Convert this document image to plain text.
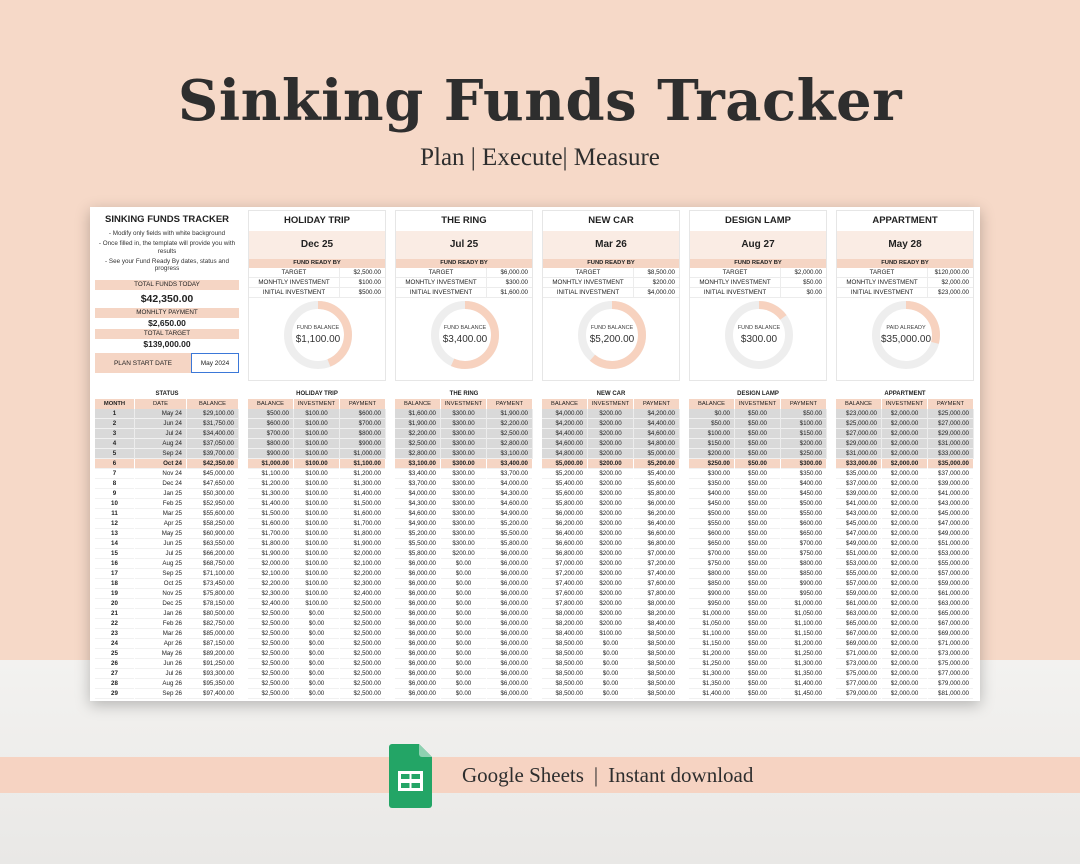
Sinking Funds Tracker
Plan | Execute| Measure
SINKING FUNDS TRACKER
- Modify only fields with white background
- Once filled in, the template will provide you with results
- See your Fund Ready By dates, status and progress
TOTAL FUNDS TODAY
$42,350.00
MONHLTY PAYMENT
$2,650.00
TOTAL TARGET
$139,000.00
PLAN START DATE	May 2024
HOLIDAY TRIP
Dec 25
FUND READY BY
TARGET	$2,500.00
MONHTLY INVESTMENT	$100.00
INITIAL INVESTMENT	$500.00
FUND BALANCE
$1,100.00
THE RING
Jul 25
FUND READY BY
TARGET	$6,000.00
MONHTLY INVESTMENT	$300.00
INITIAL INVESTMENT	$1,600.00
FUND BALANCE
$3,400.00
NEW CAR
Mar 26
FUND READY BY
TARGET	$8,500.00
MONHTLY INVESTMENT	$200.00
INITIAL INVESTMENT	$4,000.00
FUND BALANCE
$5,200.00
DESIGN LAMP
Aug 27
FUND READY BY
TARGET	$2,000.00
MONHTLY INVESTMENT	$50.00
INITIAL INVESTMENT	$0.00
FUND BALANCE
$300.00
APPARTMENT
May 28
FUND READY BY
TARGET	$120,000.00
MONHTLY INVESTMENT	$2,000.00
INITIAL INVESTMENT	$23,000.00
PAID ALREADY
$35,000.00
STATUS
MONTH	DATE	BALANCE
1	May 24	$29,100.00
2	Jun 24	$31,750.00
3	Jul 24	$34,400.00
4	Aug 24	$37,050.00
5	Sep 24	$39,700.00
6	Oct 24	$42,350.00
7	Nov 24	$45,000.00
8	Dec 24	$47,650.00
9	Jan 25	$50,300.00
10	Feb 25	$52,950.00
11	Mar 25	$55,600.00
12	Apr 25	$58,250.00
13	May 25	$60,900.00
14	Jun 25	$63,550.00
15	Jul 25	$66,200.00
16	Aug 25	$68,750.00
17	Sep 25	$71,100.00
18	Oct 25	$73,450.00
19	Nov 25	$75,800.00
20	Dec 25	$78,150.00
21	Jan 26	$80,500.00
22	Feb 26	$82,750.00
23	Mar 26	$85,000.00
24	Apr 26	$87,150.00
25	May 26	$89,200.00
26	Jun 26	$91,250.00
27	Jul 26	$93,300.00
28	Aug 26	$95,350.00
29	Sep 26	$97,400.00
HOLIDAY TRIP
BALANCE	INVESTMENT	PAYMENT
$500.00	$100.00	$600.00
$600.00	$100.00	$700.00
$700.00	$100.00	$800.00
$800.00	$100.00	$900.00
$900.00	$100.00	$1,000.00
$1,000.00	$100.00	$1,100.00
$1,100.00	$100.00	$1,200.00
$1,200.00	$100.00	$1,300.00
$1,300.00	$100.00	$1,400.00
$1,400.00	$100.00	$1,500.00
$1,500.00	$100.00	$1,600.00
$1,600.00	$100.00	$1,700.00
$1,700.00	$100.00	$1,800.00
$1,800.00	$100.00	$1,900.00
$1,900.00	$100.00	$2,000.00
$2,000.00	$100.00	$2,100.00
$2,100.00	$100.00	$2,200.00
$2,200.00	$100.00	$2,300.00
$2,300.00	$100.00	$2,400.00
$2,400.00	$100.00	$2,500.00
$2,500.00	$0.00	$2,500.00
$2,500.00	$0.00	$2,500.00
$2,500.00	$0.00	$2,500.00
$2,500.00	$0.00	$2,500.00
$2,500.00	$0.00	$2,500.00
$2,500.00	$0.00	$2,500.00
$2,500.00	$0.00	$2,500.00
$2,500.00	$0.00	$2,500.00
$2,500.00	$0.00	$2,500.00
THE RING
BALANCE	INVESTMENT	PAYMENT
$1,600.00	$300.00	$1,900.00
$1,900.00	$300.00	$2,200.00
$2,200.00	$300.00	$2,500.00
$2,500.00	$300.00	$2,800.00
$2,800.00	$300.00	$3,100.00
$3,100.00	$300.00	$3,400.00
$3,400.00	$300.00	$3,700.00
$3,700.00	$300.00	$4,000.00
$4,000.00	$300.00	$4,300.00
$4,300.00	$300.00	$4,600.00
$4,600.00	$300.00	$4,900.00
$4,900.00	$300.00	$5,200.00
$5,200.00	$300.00	$5,500.00
$5,500.00	$300.00	$5,800.00
$5,800.00	$200.00	$6,000.00
$6,000.00	$0.00	$6,000.00
$6,000.00	$0.00	$6,000.00
$6,000.00	$0.00	$6,000.00
$6,000.00	$0.00	$6,000.00
$6,000.00	$0.00	$6,000.00
$6,000.00	$0.00	$6,000.00
$6,000.00	$0.00	$6,000.00
$6,000.00	$0.00	$6,000.00
$6,000.00	$0.00	$6,000.00
$6,000.00	$0.00	$6,000.00
$6,000.00	$0.00	$6,000.00
$6,000.00	$0.00	$6,000.00
$6,000.00	$0.00	$6,000.00
$6,000.00	$0.00	$6,000.00
NEW CAR
BALANCE	INVESTMENT	PAYMENT
$4,000.00	$200.00	$4,200.00
$4,200.00	$200.00	$4,400.00
$4,400.00	$200.00	$4,600.00
$4,600.00	$200.00	$4,800.00
$4,800.00	$200.00	$5,000.00
$5,000.00	$200.00	$5,200.00
$5,200.00	$200.00	$5,400.00
$5,400.00	$200.00	$5,600.00
$5,600.00	$200.00	$5,800.00
$5,800.00	$200.00	$6,000.00
$6,000.00	$200.00	$6,200.00
$6,200.00	$200.00	$6,400.00
$6,400.00	$200.00	$6,600.00
$6,600.00	$200.00	$6,800.00
$6,800.00	$200.00	$7,000.00
$7,000.00	$200.00	$7,200.00
$7,200.00	$200.00	$7,400.00
$7,400.00	$200.00	$7,600.00
$7,600.00	$200.00	$7,800.00
$7,800.00	$200.00	$8,000.00
$8,000.00	$200.00	$8,200.00
$8,200.00	$200.00	$8,400.00
$8,400.00	$100.00	$8,500.00
$8,500.00	$0.00	$8,500.00
$8,500.00	$0.00	$8,500.00
$8,500.00	$0.00	$8,500.00
$8,500.00	$0.00	$8,500.00
$8,500.00	$0.00	$8,500.00
$8,500.00	$0.00	$8,500.00
DESIGN LAMP
BALANCE	INVESTMENT	PAYMENT
$0.00	$50.00	$50.00
$50.00	$50.00	$100.00
$100.00	$50.00	$150.00
$150.00	$50.00	$200.00
$200.00	$50.00	$250.00
$250.00	$50.00	$300.00
$300.00	$50.00	$350.00
$350.00	$50.00	$400.00
$400.00	$50.00	$450.00
$450.00	$50.00	$500.00
$500.00	$50.00	$550.00
$550.00	$50.00	$600.00
$600.00	$50.00	$650.00
$650.00	$50.00	$700.00
$700.00	$50.00	$750.00
$750.00	$50.00	$800.00
$800.00	$50.00	$850.00
$850.00	$50.00	$900.00
$900.00	$50.00	$950.00
$950.00	$50.00	$1,000.00
$1,000.00	$50.00	$1,050.00
$1,050.00	$50.00	$1,100.00
$1,100.00	$50.00	$1,150.00
$1,150.00	$50.00	$1,200.00
$1,200.00	$50.00	$1,250.00
$1,250.00	$50.00	$1,300.00
$1,300.00	$50.00	$1,350.00
$1,350.00	$50.00	$1,400.00
$1,400.00	$50.00	$1,450.00
APPARTMENT
BALANCE	INVESTMENT	PAYMENT
$23,000.00	$2,000.00	$25,000.00
$25,000.00	$2,000.00	$27,000.00
$27,000.00	$2,000.00	$29,000.00
$29,000.00	$2,000.00	$31,000.00
$31,000.00	$2,000.00	$33,000.00
$33,000.00	$2,000.00	$35,000.00
$35,000.00	$2,000.00	$37,000.00
$37,000.00	$2,000.00	$39,000.00
$39,000.00	$2,000.00	$41,000.00
$41,000.00	$2,000.00	$43,000.00
$43,000.00	$2,000.00	$45,000.00
$45,000.00	$2,000.00	$47,000.00
$47,000.00	$2,000.00	$49,000.00
$49,000.00	$2,000.00	$51,000.00
$51,000.00	$2,000.00	$53,000.00
$53,000.00	$2,000.00	$55,000.00
$55,000.00	$2,000.00	$57,000.00
$57,000.00	$2,000.00	$59,000.00
$59,000.00	$2,000.00	$61,000.00
$61,000.00	$2,000.00	$63,000.00
$63,000.00	$2,000.00	$65,000.00
$65,000.00	$2,000.00	$67,000.00
$67,000.00	$2,000.00	$69,000.00
$69,000.00	$2,000.00	$71,000.00
$71,000.00	$2,000.00	$73,000.00
$73,000.00	$2,000.00	$75,000.00
$75,000.00	$2,000.00	$77,000.00
$77,000.00	$2,000.00	$79,000.00
$79,000.00	$2,000.00	$81,000.00
Google Sheets | Instant download
